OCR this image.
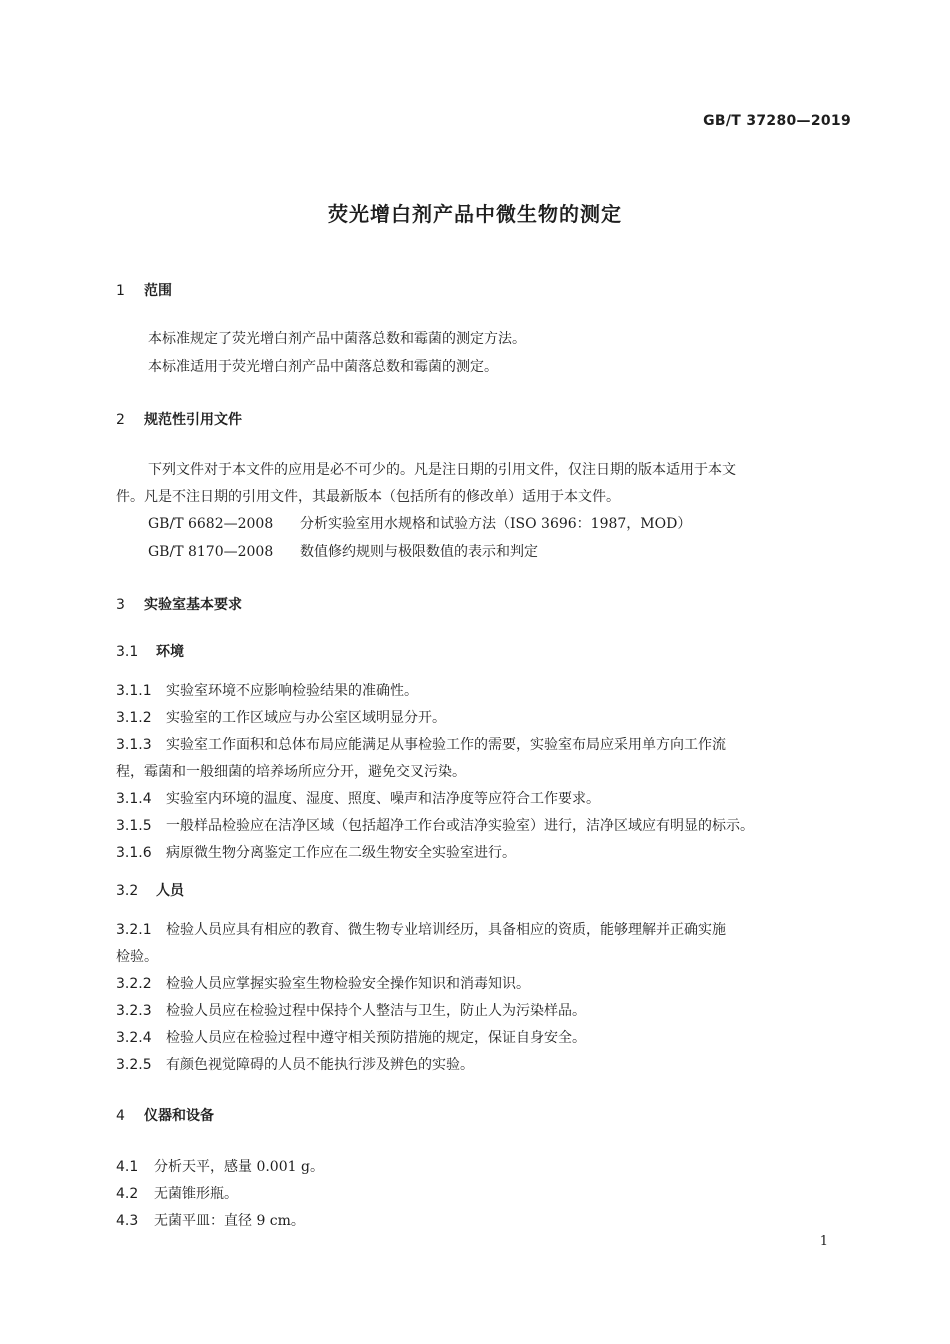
GB/T 37280—2019
荧光增白剂产品中微生物的测定
1 范围
本标准规定了荧光增白剂产品中菌落总数和霉菌的测定方法。
本标准适用于荧光增白剂产品中菌落总数和霉菌的测定。
2 规范性引用文件
下列文件对于本文件的应用是必不可少的。凡是注日期的引用文件，仅注日期的版本适用于本文
件。凡是不注日期的引用文件，其最新版本（包括所有的修改单）适用于本文件。
GB/T 6682—2008 分析实验室用水规格和试验方法（ISO 3696：1987，MOD）
GB/T 8170—2008 数值修约规则与极限数值的表示和判定
3 实验室基本要求
3.1 环境
3.1.1 实验室环境不应影响检验结果的准确性。
3.1.2 实验室的工作区域应与办公室区域明显分开。
3.1.3 实验室工作面积和总体布局应能满足从事检验工作的需要，实验室布局应采用单方向工作流
程，霉菌和一般细菌的培养场所应分开，避免交叉污染。
3.1.4 实验室内环境的温度、湿度、照度、噪声和洁净度等应符合工作要求。
3.1.5 一般样品检验应在洁净区域（包括超净工作台或洁净实验室）进行，洁净区域应有明显的标示。
3.1.6 病原微生物分离鉴定工作应在二级生物安全实验室进行。
3.2 人员
3.2.1 检验人员应具有相应的教育、微生物专业培训经历，具备相应的资质，能够理解并正确实施
检验。
3.2.2 检验人员应掌握实验室生物检验安全操作知识和消毒知识。
3.2.3 检验人员应在检验过程中保持个人整洁与卫生，防止人为污染样品。
3.2.4 检验人员应在检验过程中遵守相关预防措施的规定，保证自身安全。
3.2.5 有颜色视觉障碍的人员不能执行涉及辨色的实验。
4 仪器和设备
4.1 分析天平，感量 0.001 g。
4.2 无菌锥形瓶。
4.3 无菌平皿：直径 9 cm。
1
